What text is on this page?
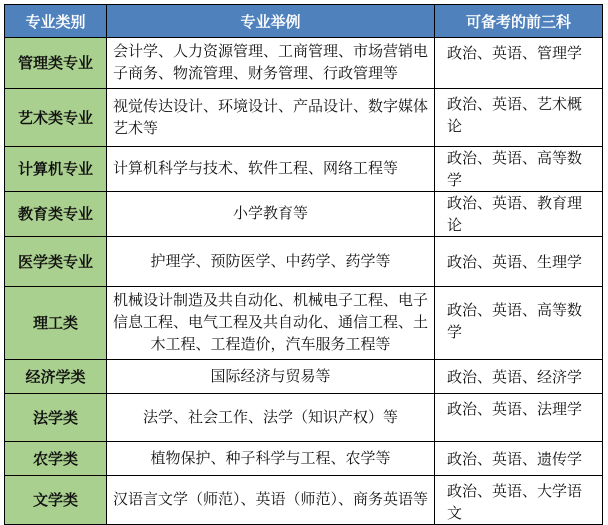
专业类别	专业举例	可备考的前三科
管理类专业	会计学、人力资源管理、工商管理、市场营销电子商务、物流管理、财务管理、行政管理等	政治、英语、管理学
艺术类专业	视觉传达设计、环境设计、产品设计、数字媒体艺术等	政治、英语、艺术概论
计算机专业	计算机科学与技术、软件工程、网络工程等	政治、英语、高等数学
教育类专业	小学教育等	政治、英语、教育理论
医学类专业	护理学、预防医学、中药学、药学等	政治、英语、生理学
理工类	机械设计制造及共自动化、机械电子工程、电子信息工程、电气工程及共自动化、通信工程、土木工程、工程造价，汽车服务工程等	政治、英语、高等数学
经济学类	国际经济与贸易等	政治、英语、经济学
法学类	法学、社会工作、法学（知识产权）等	政治、英语、法理学
农学类	植物保护、种子科学与工程、农学等	政治、英语、遗传学
文学类	汉语言文学（师范）、英语（师范）、商务英语等	政治、英语、大学语文
